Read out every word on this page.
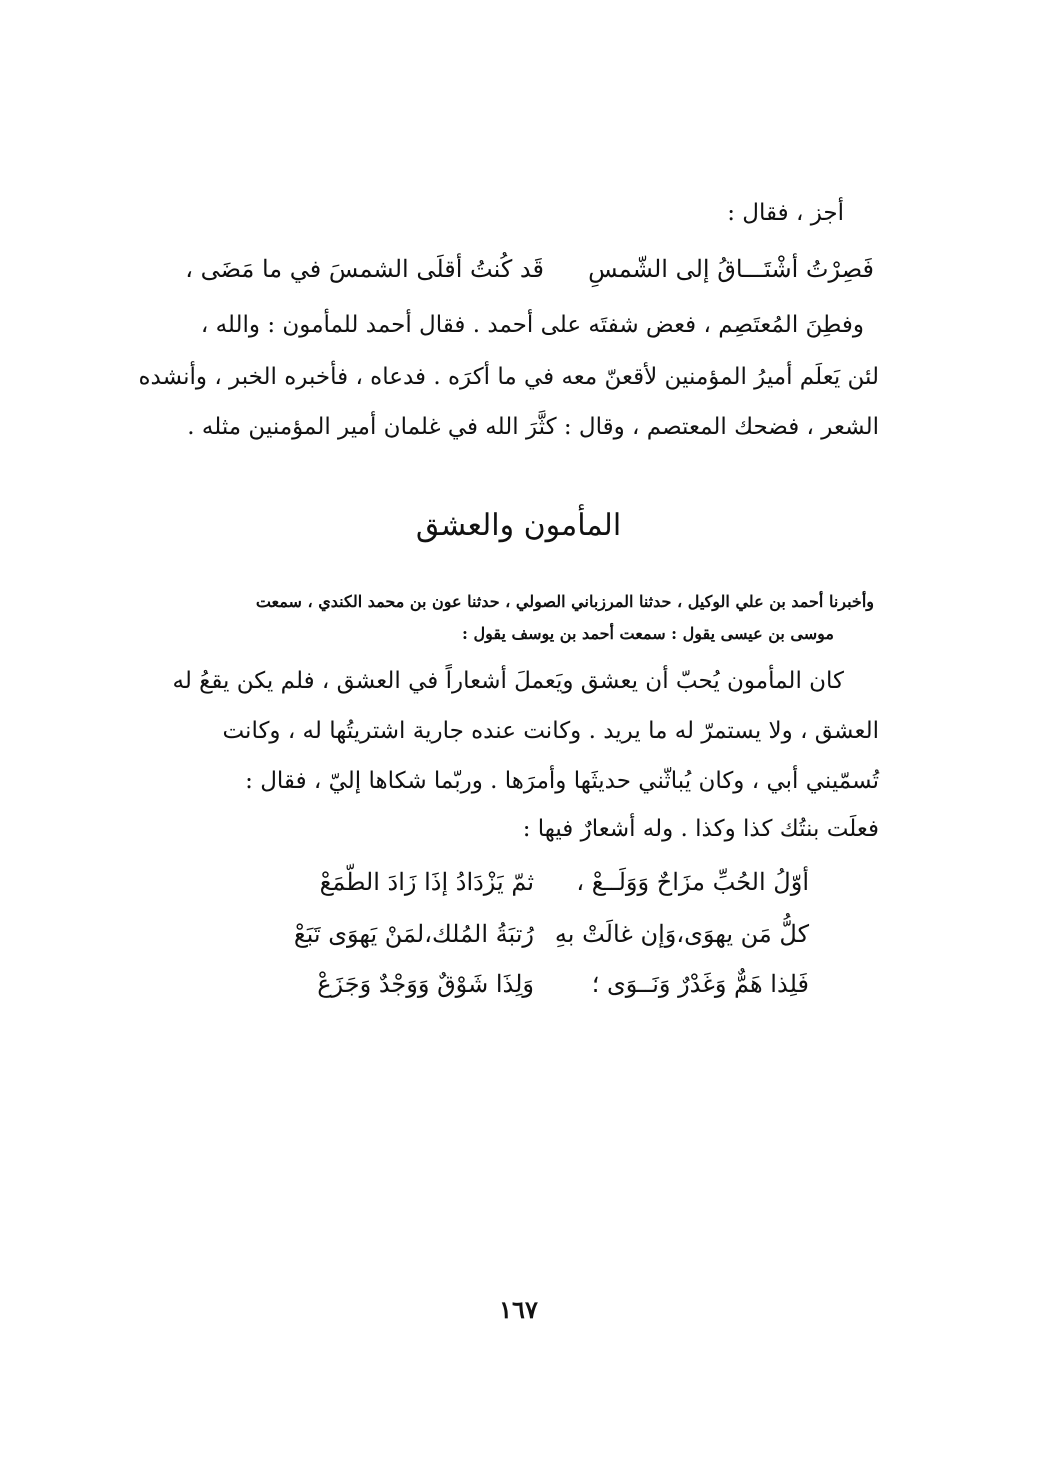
أجز ، فقال :
قَد كُنتُ أقلَى الشمسَ في ما مَضَى ، فَصِرْتُ أشْتَـــاقُ إلى الشّمسِ
وفطِنَ المُعتَصِم ، فعض شفتَه على أحمد . فقال أحمد للمأمون : والله ،
لئن يَعلَم أميرُ المؤمنين لأقعنّ معه في ما أكرَه . فدعاه ، فأخبره الخبر ، وأنشده
الشعر ، فضحك المعتصم ، وقال : كثَّرَ الله في غلمان أمير المؤمنين مثله .
المأمون والعشق
وأخبرنا أحمد بن علي الوكيل ، حدثنا المرزباني الصولي ، حدثنا عون بن محمد الكندي ، سمعت
موسى بن عيسى يقول : سمعت أحمد بن يوسف يقول :
كان المأمون يُحبّ أن يعشق ويَعملَ أشعاراً في العشق ، فلم يكن يقعُ له
العشق ، ولا يستمرّ له ما يريد . وكانت عنده جارية اشتريتُها له ، وكانت
تُسمّيني أبي ، وكان يُباثّني حديثَها وأمرَها . وربّما شكاها إليّ ، فقال :
فعلَت بنتُك كذا وكذا . وله أشعارٌ فيها :
أوّلُ الحُبِّ مزَاحٌ وَوَلَــعْ ،
ثمّ يَزْدَادُ إذَا زَادَ الطّمَعْ
كلُّ مَن يهوَى،وَإن غالَتْ بهِ
رُتبَةُ المُلك،لمَنْ يَهوَى تَبَعْ
فَلِذا هَمٌّ وَغَدْرٌ وَنَــوَى ؛
وَلِذَا شَوْقٌ وَوَجْدٌ وَجَزَعْ
١٦٧
